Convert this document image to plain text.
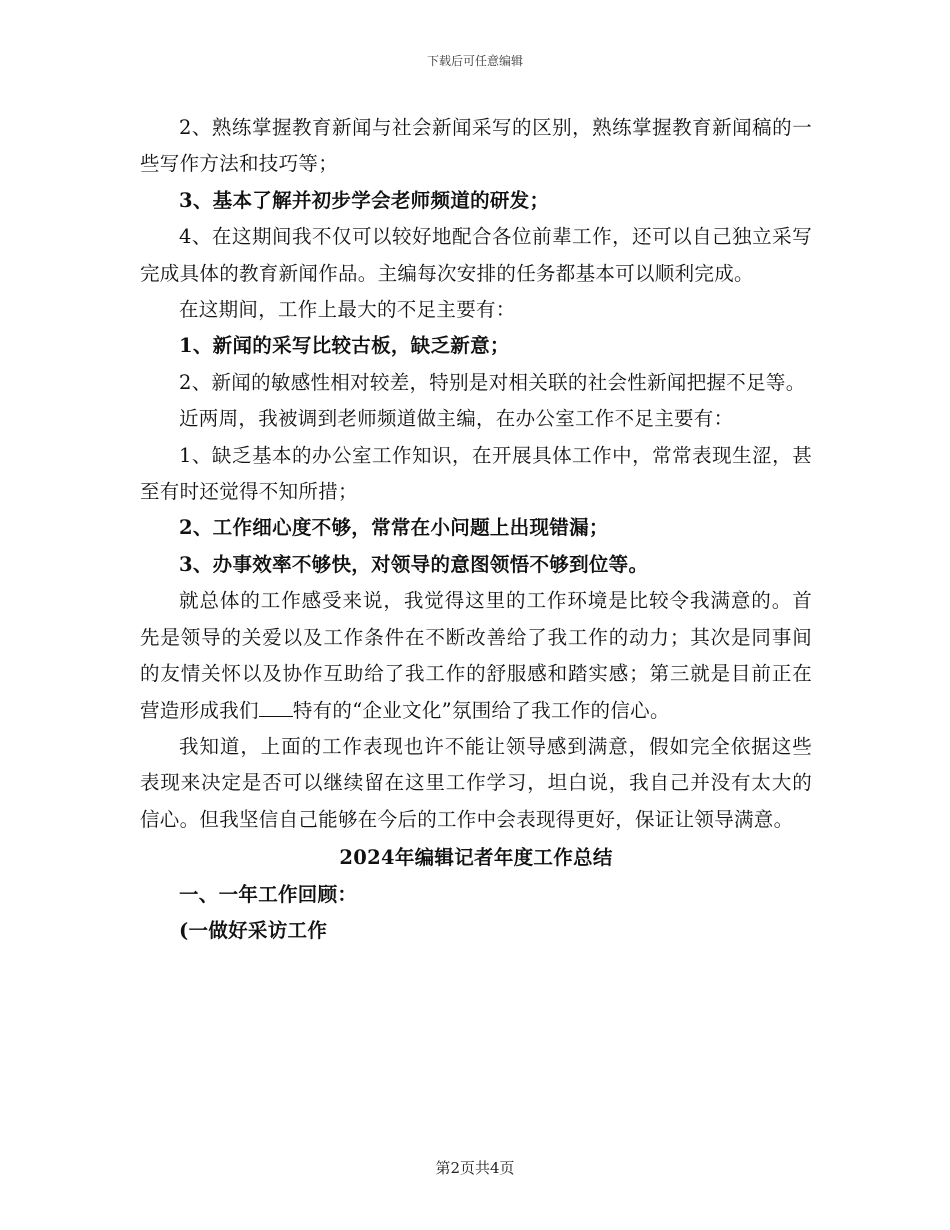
下载后可任意编辑

2、熟练掌握教育新闻与社会新闻采写的区别，熟练掌握教育新闻稿的一些写作方法和技巧等；

3、基本了解并初步学会老师频道的研发；

4、在这期间我不仅可以较好地配合各位前辈工作，还可以自己独立采写完成具体的教育新闻作品。主编每次安排的任务都基本可以顺利完成。

在这期间，工作上最大的不足主要有：

1、新闻的采写比较古板，缺乏新意；

2、新闻的敏感性相对较差，特别是对相关联的社会性新闻把握不足等。

近两周，我被调到老师频道做主编，在办公室工作不足主要有：

1、缺乏基本的办公室工作知识，在开展具体工作中，常常表现生涩，甚至有时还觉得不知所措；

2、工作细心度不够，常常在小问题上出现错漏；

3、办事效率不够快，对领导的意图领悟不够到位等。

就总体的工作感受来说，我觉得这里的工作环境是比较令我满意的。首先是领导的关爱以及工作条件在不断改善给了我工作的动力；其次是同事间的友情关怀以及协作互助给了我工作的舒服感和踏实感；第三就是目前正在营造形成我们 特有的“企业文化”氛围给了我工作的信心。

我知道，上面的工作表现也许不能让领导感到满意，假如完全依据这些表现来决定是否可以继续留在这里工作学习，坦白说，我自己并没有太大的信心。但我坚信自己能够在今后的工作中会表现得更好，保证让领导满意。

2024年编辑记者年度工作总结

一、一年工作回顾：

(一做好采访工作

第2页共4页
